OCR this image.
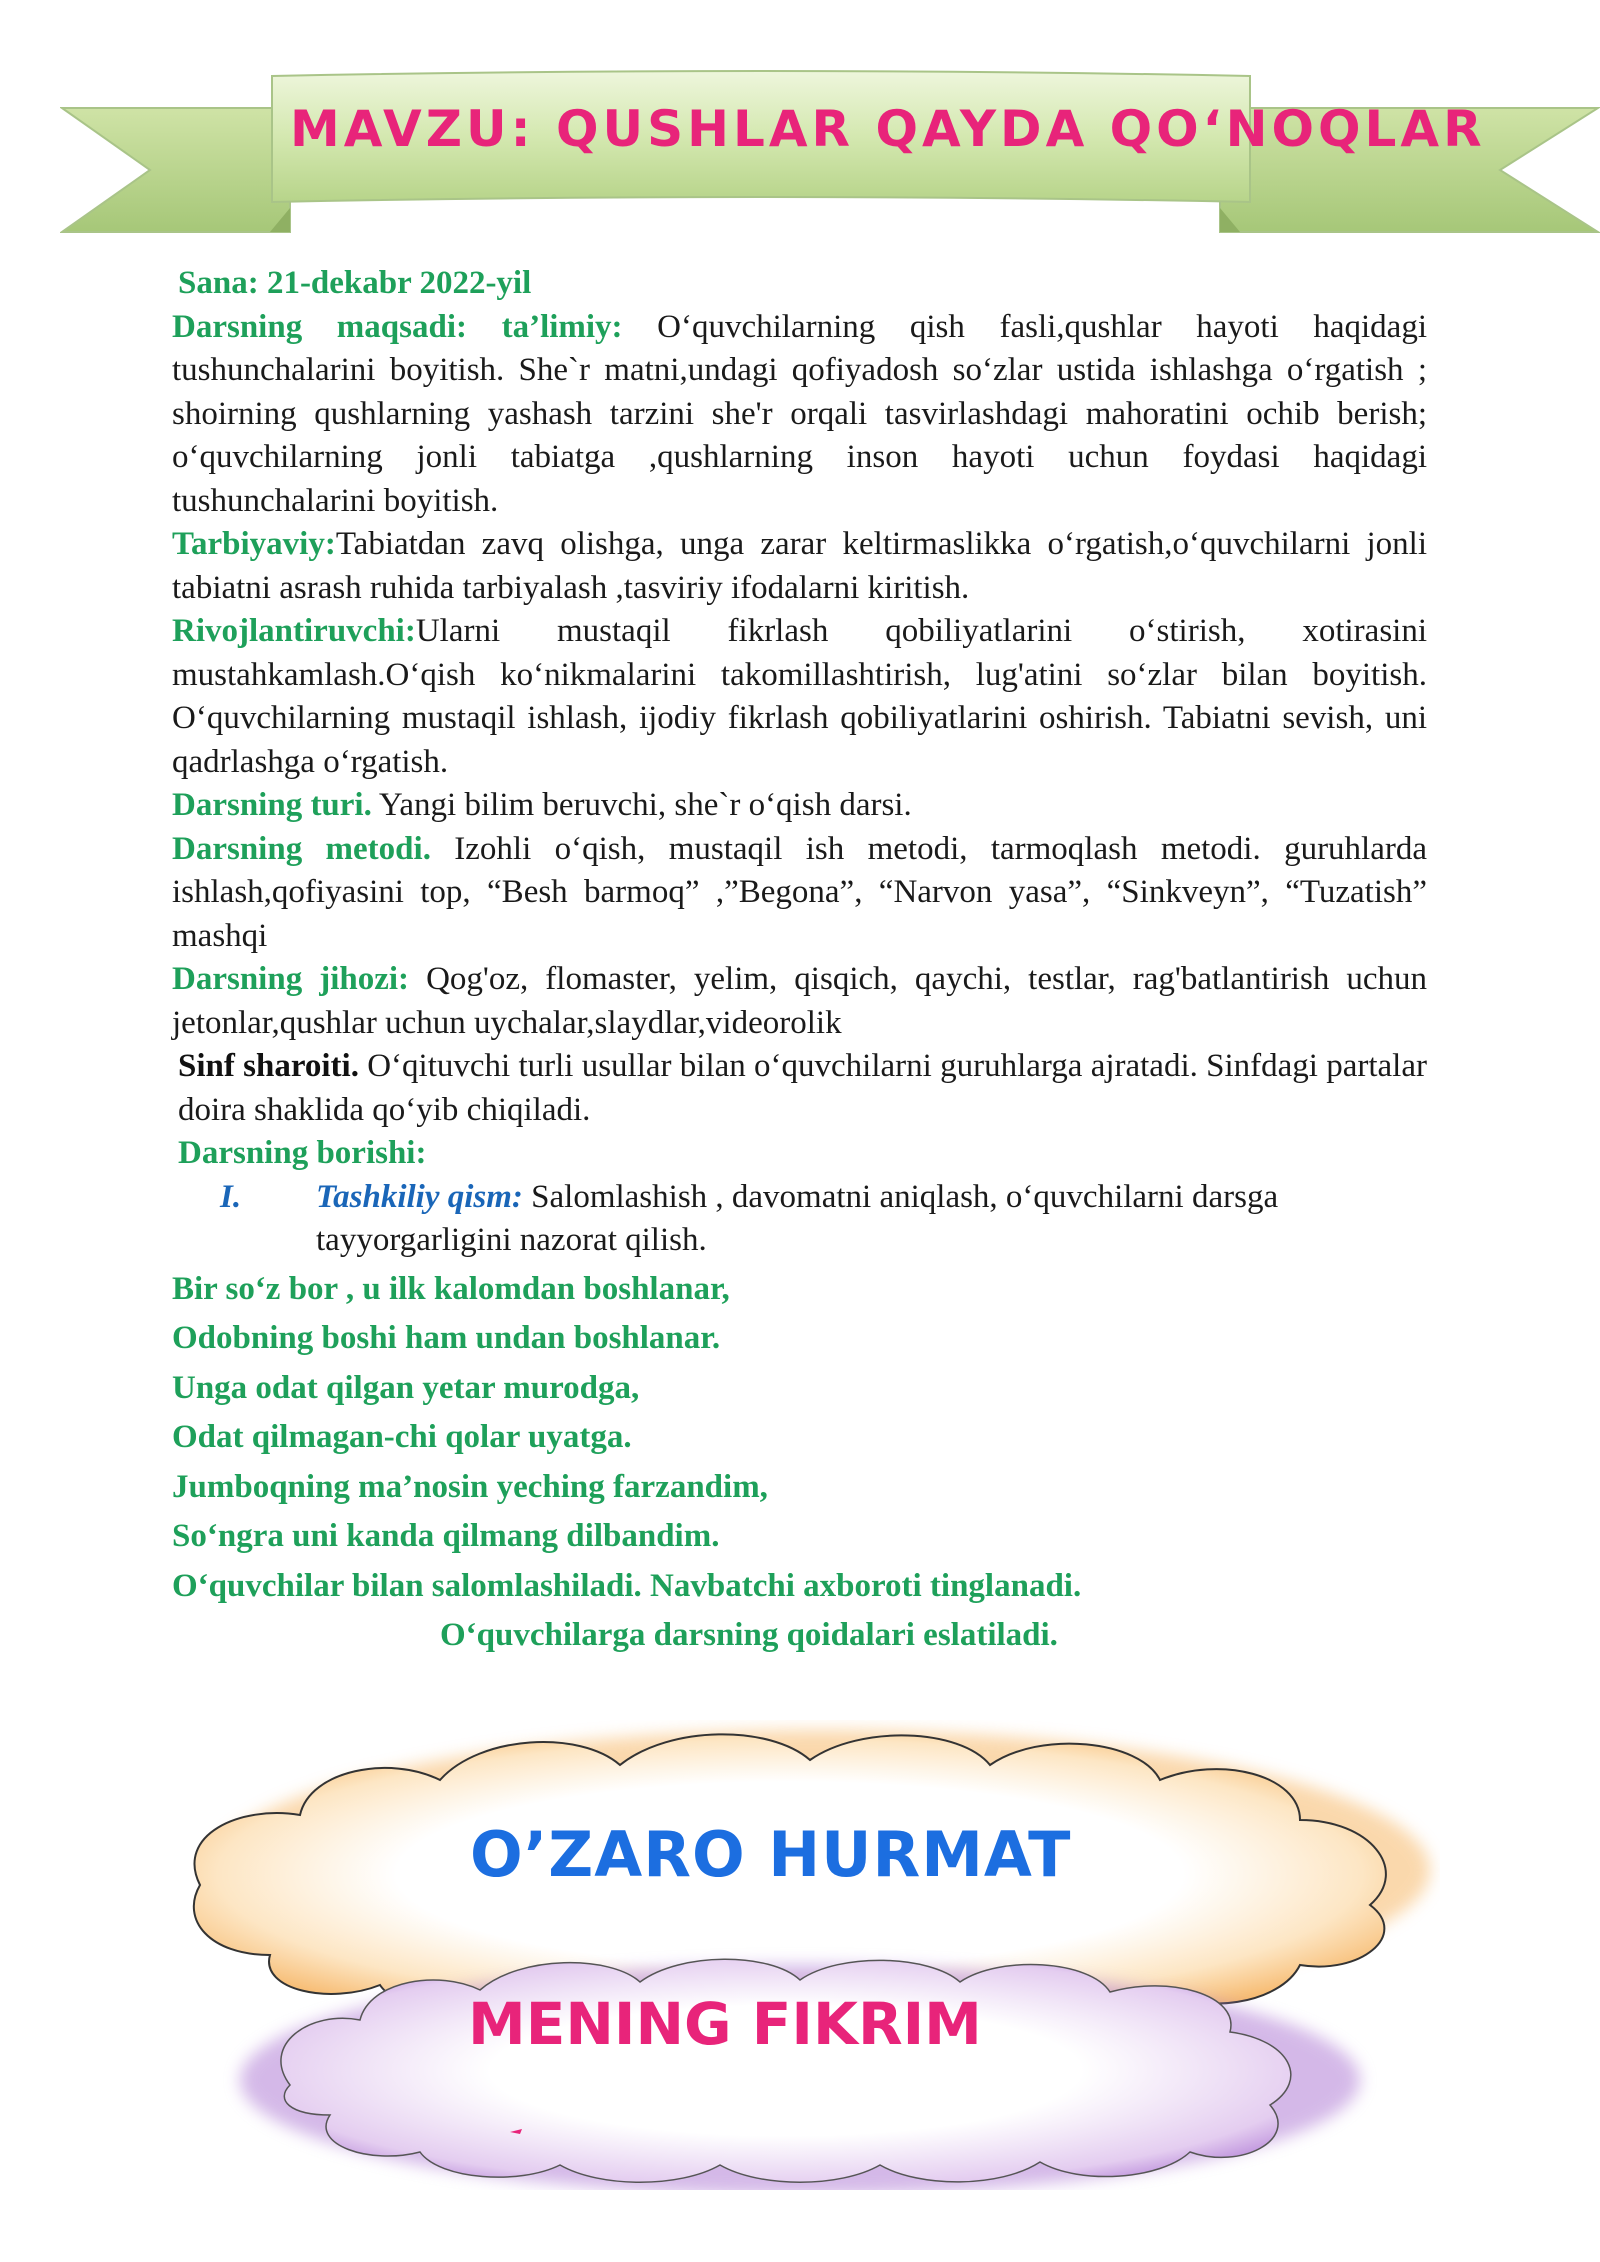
MAVZU: QUSHLAR QAYDA QO‘NOQLAR

Sana: 21-dekabr 2022-yil

Darsning maqsadi: ta’limiy: O‘quvchilarning qish fasli,qushlar hayoti haqidagi tushunchalarini boyitish. She`r matni,undagi qofiyadosh so‘zlar ustida ishlashga o‘rgatish ; shoirning qushlarning yashash tarzini she'r orqali tasvirlashdagi mahoratini ochib berish; o‘quvchilarning jonli tabiatga ,qushlarning inson hayoti uchun foydasi haqidagi tushunchalarini boyitish.

Tarbiyaviy:Tabiatdan zavq olishga, unga zarar keltirmaslikka o‘rgatish,o‘quvchilarni jonli tabiatni asrash ruhida tarbiyalash ,tasviriy ifodalarni kiritish.

Rivojlantiruvchi:Ularni mustaqil fikrlash qobiliyatlarini o‘stirish, xotirasini mustahkamlash.O‘qish ko‘nikmalarini takomillashtirish, lug'atini so‘zlar bilan boyitish. O‘quvchilarning mustaqil ishlash, ijodiy fikrlash qobiliyatlarini oshirish. Tabiatni sevish, uni qadrlashga o‘rgatish.

Darsning turi. Yangi bilim beruvchi, she`r o‘qish darsi.

Darsning metodi. Izohli o‘qish, mustaqil ish metodi, tarmoqlash metodi. guruhlarda ishlash,qofiyasini top, “Besh barmoq” ,”Begona”, “Narvon yasa”, “Sinkveyn”, “Tuzatish” mashqi

Darsning jihozi: Qog'oz, flomaster, yelim, qisqich, qaychi, testlar, rag'batlantirish uchun jetonlar,qushlar uchun uychalar,slaydlar,videorolik

Sinf sharoiti. O‘qituvchi turli usullar bilan o‘quvchilarni guruhlarga ajratadi. Sinfdagi partalar doira shaklida qo‘yib chiqiladi.

Darsning borishi:

I.	Tashkiliy qism: Salomlashish , davomatni aniqlash, o‘quvchilarni darsga tayyorgarligini nazorat qilish.
Bir so‘z bor , u ilk kalomdan boshlanar,
Odobning boshi ham undan boshlanar.
Unga odat qilgan yetar murodga,
Odat qilmagan-chi qolar uyatga.
Jumboqning ma’nosin yeching farzandim,
So‘ngra uni kanda qilmang dilbandim.
O‘quvchilar bilan salomlashiladi. Navbatchi axboroti tinglanadi.
O‘quvchilarga darsning qoidalari eslatiladi.
O’ZARO HURMAT
MENING FIKRIM
